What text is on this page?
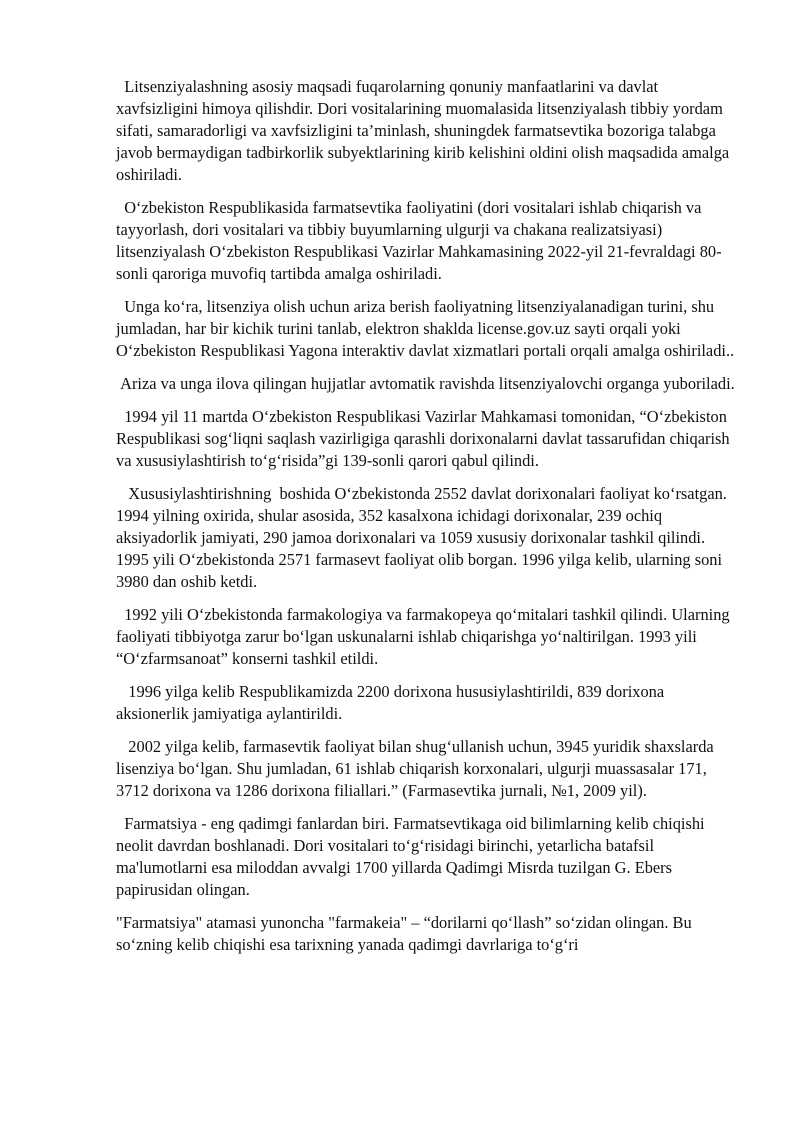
Litsenziyalashning asosiy maqsadi fuqarolarning qonuniy manfaatlarini va davlat xavfsizligini himoya qilishdir. Dori vositalarining muomalasida litsenziyalash tibbiy yordam sifati, samaradorligi va xavfsizligini ta’minlash, shuningdek farmatsevtika bozoriga talabga javob bermaydigan tadbirkorlik subyektlarining kirib kelishini oldini olish maqsadida amalga oshiriladi.

O‘zbekiston Respublikasida farmatsevtika faoliyatini (dori vositalari ishlab chiqarish va tayyorlash, dori vositalari va tibbiy buyumlarning ulgurji va chakana realizatsiyasi) litsenziyalash O‘zbekiston Respublikasi Vazirlar Mahkamasining 2022-yil 21-fevraldagi 80-sonli qaroriga muvofiq tartibda amalga oshiriladi.

Unga ko‘ra, litsenziya olish uchun ariza berish faoliyatning litsenziyalanadigan turini, shu jumladan, har bir kichik turini tanlab, elektron shaklda license.gov.uz sayti orqali yoki O‘zbekiston Respublikasi Yagona interaktiv davlat xizmatlari portali orqali amalga oshiriladi..

Ariza va unga ilova qilingan hujjatlar avtomatik ravishda litsenziyalovchi organga yuboriladi.

1994 yil 11 martda O‘zbekiston Respublikasi Vazirlar Mahkamasi tomonidan, “O‘zbekiston Respublikasi sog‘liqni saqlash vazirligiga qarashli dorixonalarni davlat tassarufidan chiqarish va xususiylashtirish to‘g‘risida”gi 139-sonli qarori qabul qilindi.

Xususiylashtirishning  boshida O‘zbekistonda 2552 davlat dorixonalari faoliyat ko‘rsatgan. 1994 yilning oxirida, shular asosida, 352 kasalxona ichidagi dorixonalar, 239 ochiq aksiyadorlik jamiyati, 290 jamoa dorixonalari va 1059 xususiy dorixonalar tashkil qilindi. 1995 yili O‘zbekistonda 2571 farmasevt faoliyat olib borgan. 1996 yilga kelib, ularning soni 3980 dan oshib ketdi.

1992 yili O‘zbekistonda farmakologiya va farmakopeya qo‘mitalari tashkil qilindi. Ularning faoliyati tibbiyotga zarur bo‘lgan uskunalarni ishlab chiqarishga yo‘naltirilgan. 1993 yili “O‘zfarmsanoat” konserni tashkil etildi.

1996 yilga kelib Respublikamizda 2200 dorixona hususiylashtirildi, 839 dorixona aksionerlik jamiyatiga aylantirildi.

2002 yilga kelib, farmasevtik faoliyat bilan shug‘ullanish uchun, 3945 yuridik shaxslarda lisenziya bo‘lgan. Shu jumladan, 61 ishlab chiqarish korxonalari, ulgurji muassasalar 171, 3712 dorixona va 1286 dorixona filiallari.” (Farmasevtika jurnali, №1, 2009 yil).

Farmatsiya - eng qadimgi fanlardan biri. Farmatsevtikaga oid bilimlarning kelib chiqishi neolit davrdan boshlanadi. Dori vositalari to‘g‘risidagi birinchi, yetarlicha batafsil ma'lumotlarni esa miloddan avvalgi 1700 yillarda Qadimgi Misrda tuzilgan G. Ebers papirusidan olingan.

"Farmatsiya" atamasi yunoncha "farmakeia" – “dorilarni qo‘llash” so‘zidan olingan. Bu so‘zning kelib chiqishi esa tarixning yanada qadimgi davrlariga to‘g‘ri
